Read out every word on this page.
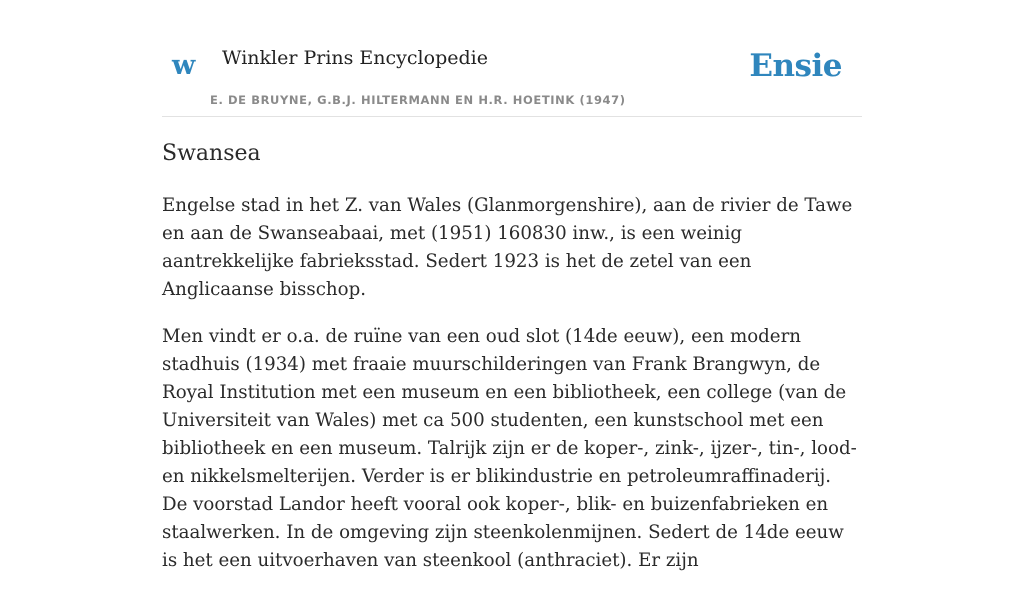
w Winkler Prins Encyclopedie	Ensie
E. DE BRUYNE, G.B.J. HILTERMANN EN H.R. HOETINK (1947)
Swansea

Engelse stad in het Z. van Wales (Glanmorgenshire), aan de rivier de Tawe en aan de Swanseabaai, met (1951) 160830 inw., is een weinig aantrekkelijke fabrieksstad. Sedert 1923 is het de zetel van een Anglicaanse bisschop.

Men vindt er o.a. de ruïne van een oud slot (14de eeuw), een modern stadhuis (1934) met fraaie muurschilderingen van Frank Brangwyn, de Royal Institution met een museum en een bibliotheek, een college (van de Universiteit van Wales) met ca 500 studenten, een kunstschool met een bibliotheek en een museum. Talrijk zijn er de koper-, zink-, ijzer-, tin-, lood- en nikkelsmelterijen. Verder is er blikindustrie en petroleumraffinaderij. De voorstad Landor heeft vooral ook koper-, blik- en buizenfabrieken en staalwerken. In de omgeving zijn steenkolenmijnen. Sedert de 14de eeuw is het een uitvoerhaven van steenkool (anthraciet). Er zijn
